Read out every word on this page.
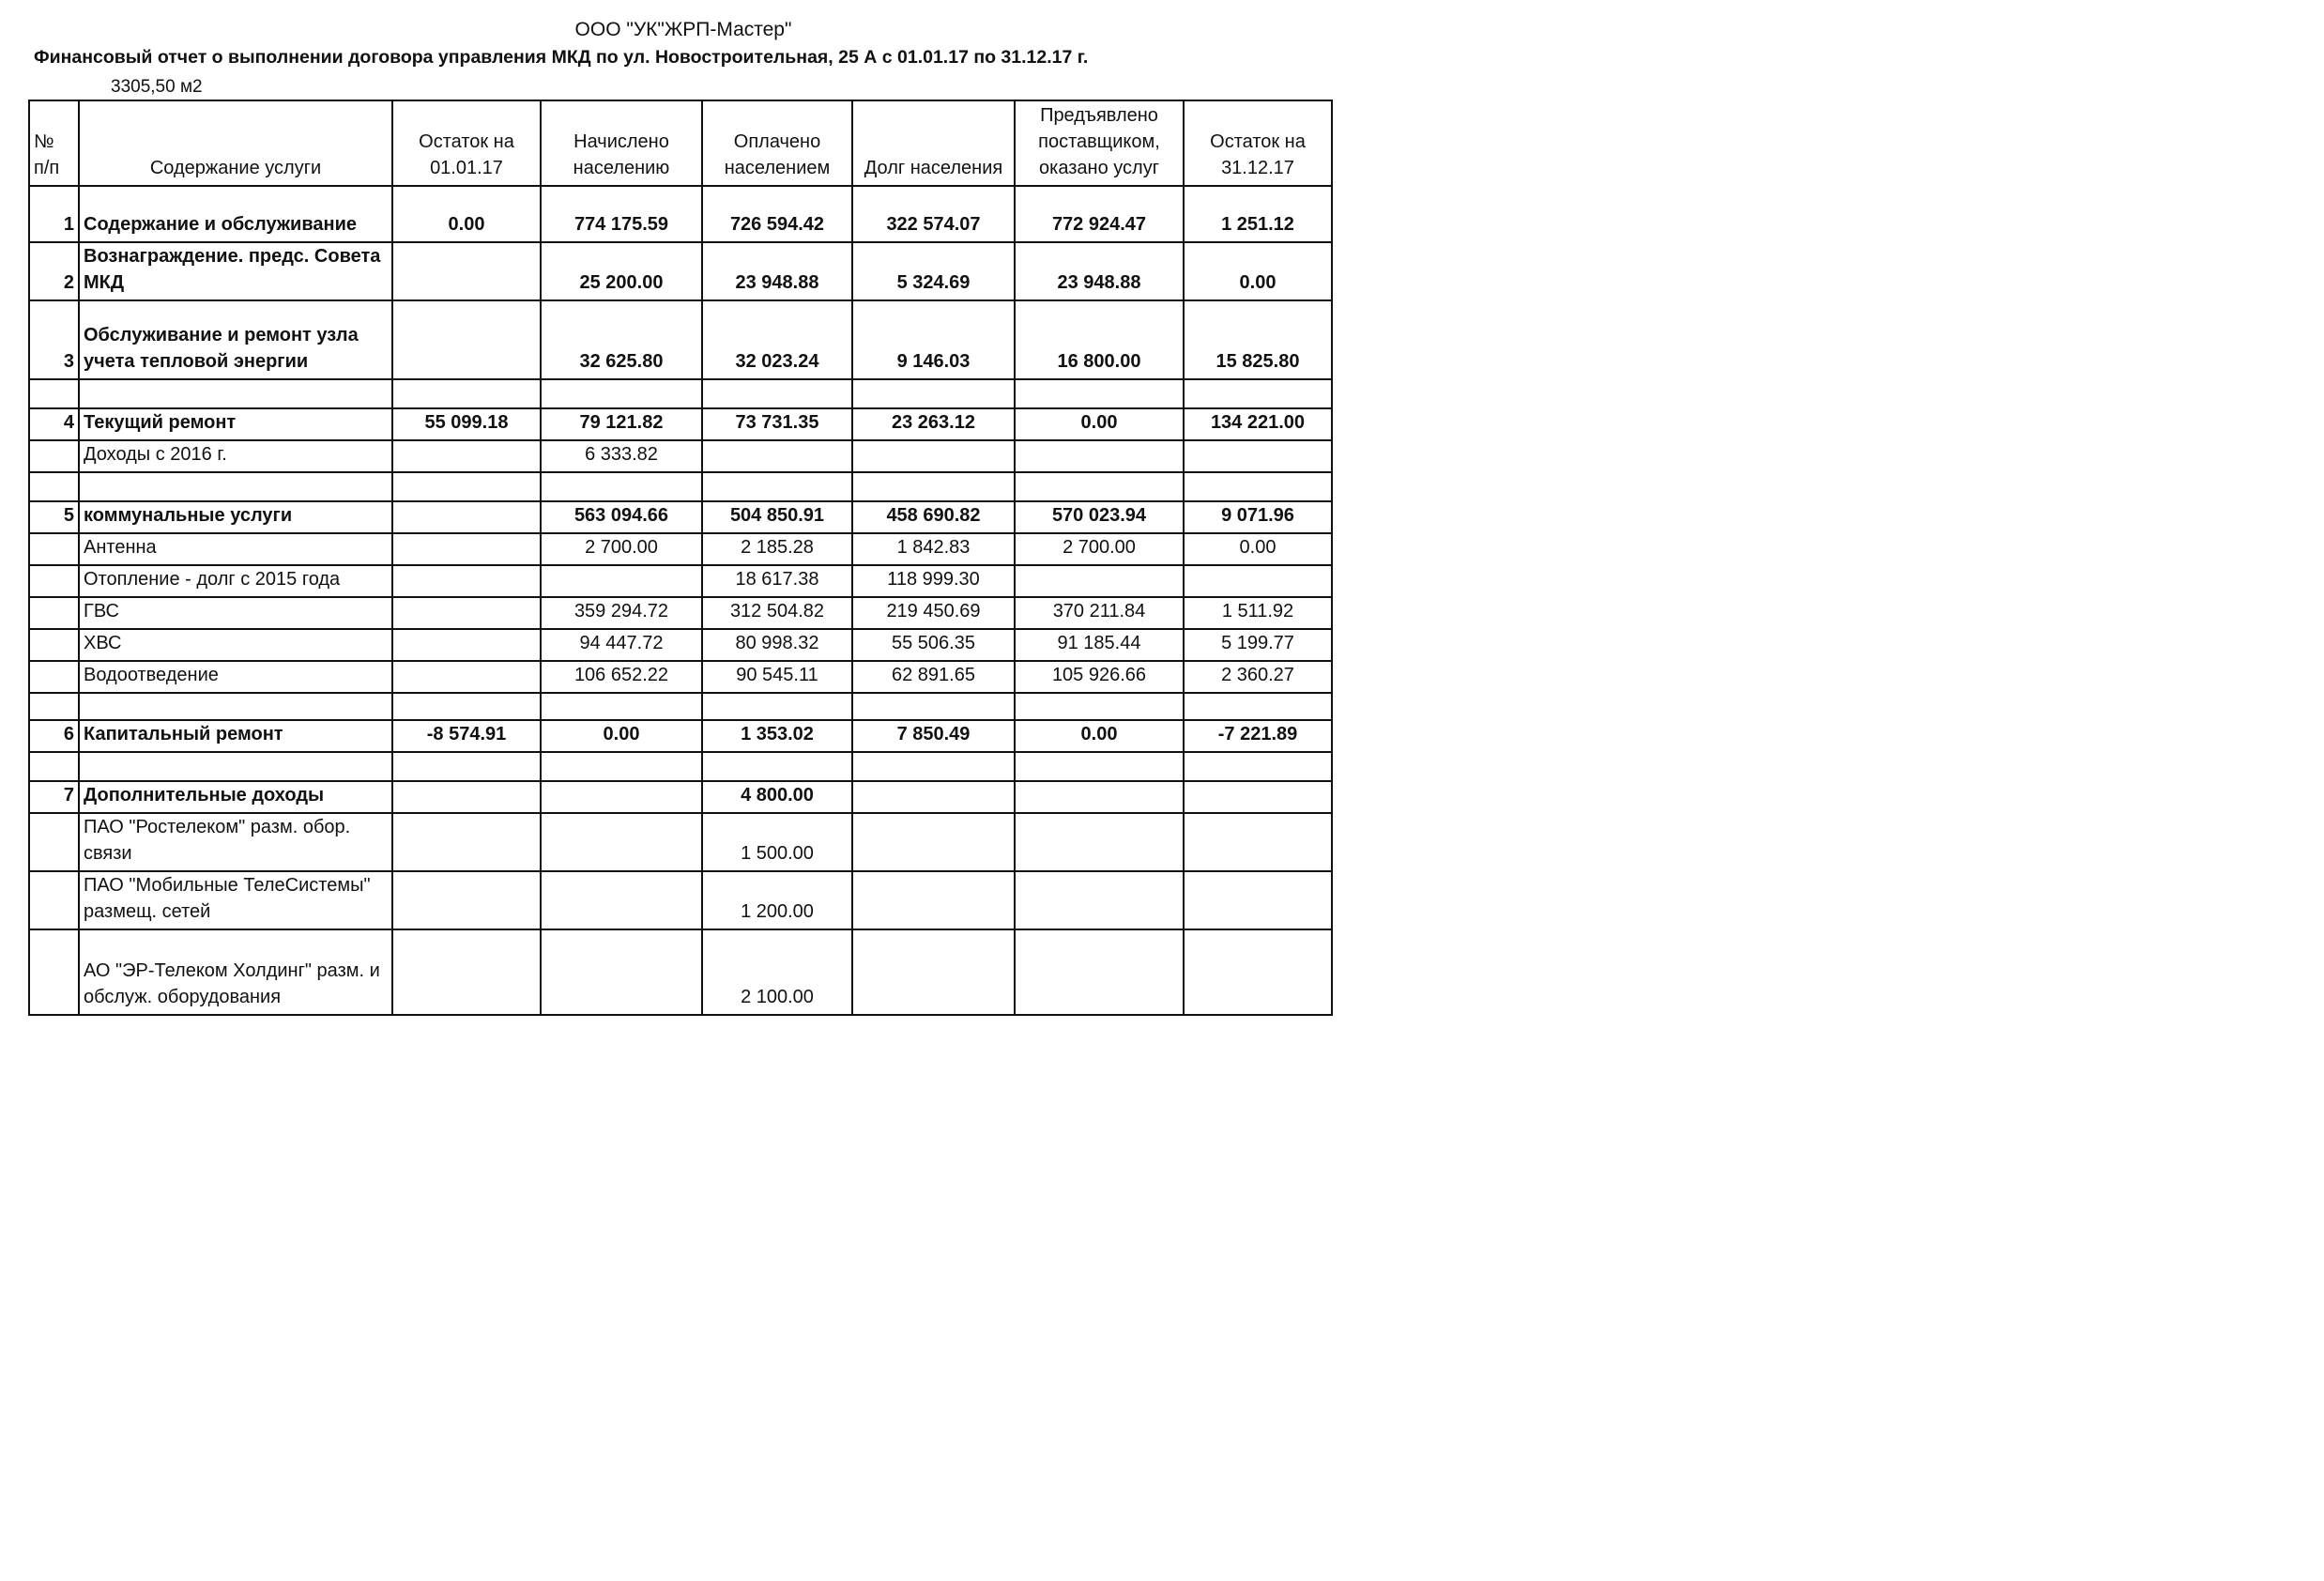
ООО "УК"ЖРП-Мастер"
Финансовый отчет о выполнении договора управления МКД по ул. Новостроительная, 25 А с 01.01.17 по 31.12.17 г.
3305,50 м2
№ п/п	Содержание услуги	Остаток на 01.01.17	Начислено населению	Оплачено населением	Долг населения	Предъявлено поставщиком, оказано услуг	Остаток на 31.12.17
1	Содержание и обслуживание	0.00	774 175.59	726 594.42	322 574.07	772 924.47	1 251.12
2	Вознаграждение. предс. Совета МКД		25 200.00	23 948.88	5 324.69	23 948.88	0.00
3	Обслуживание и ремонт узла учета тепловой энергии		32 625.80	32 023.24	9 146.03	16 800.00	15 825.80

4	Текущий ремонт	55 099.18	79 121.82	73 731.35	23 263.12	0.00	134 221.00
	Доходы с 2016 г.		6 333.82				

5	коммунальные услуги		563 094.66	504 850.91	458 690.82	570 023.94	9 071.96
	Антенна		2 700.00	2 185.28	1 842.83	2 700.00	0.00
	Отопление - долг с 2015 года			18 617.38	118 999.30		
	ГВС		359 294.72	312 504.82	219 450.69	370 211.84	1 511.92
	ХВС		94 447.72	80 998.32	55 506.35	91 185.44	5 199.77
	Водоотведение		106 652.22	90 545.11	62 891.65	105 926.66	2 360.27

6	Капитальный ремонт	-8 574.91	0.00	1 353.02	7 850.49	0.00	-7 221.89

7	Дополнительные доходы			4 800.00			
	ПАО "Ростелеком" разм. обор. связи			1 500.00			
	ПАО "Мобильные ТелеСистемы" размещ. сетей			1 200.00			
	АО "ЭР-Телеком Холдинг" разм. и обслуж. оборудования			2 100.00			
